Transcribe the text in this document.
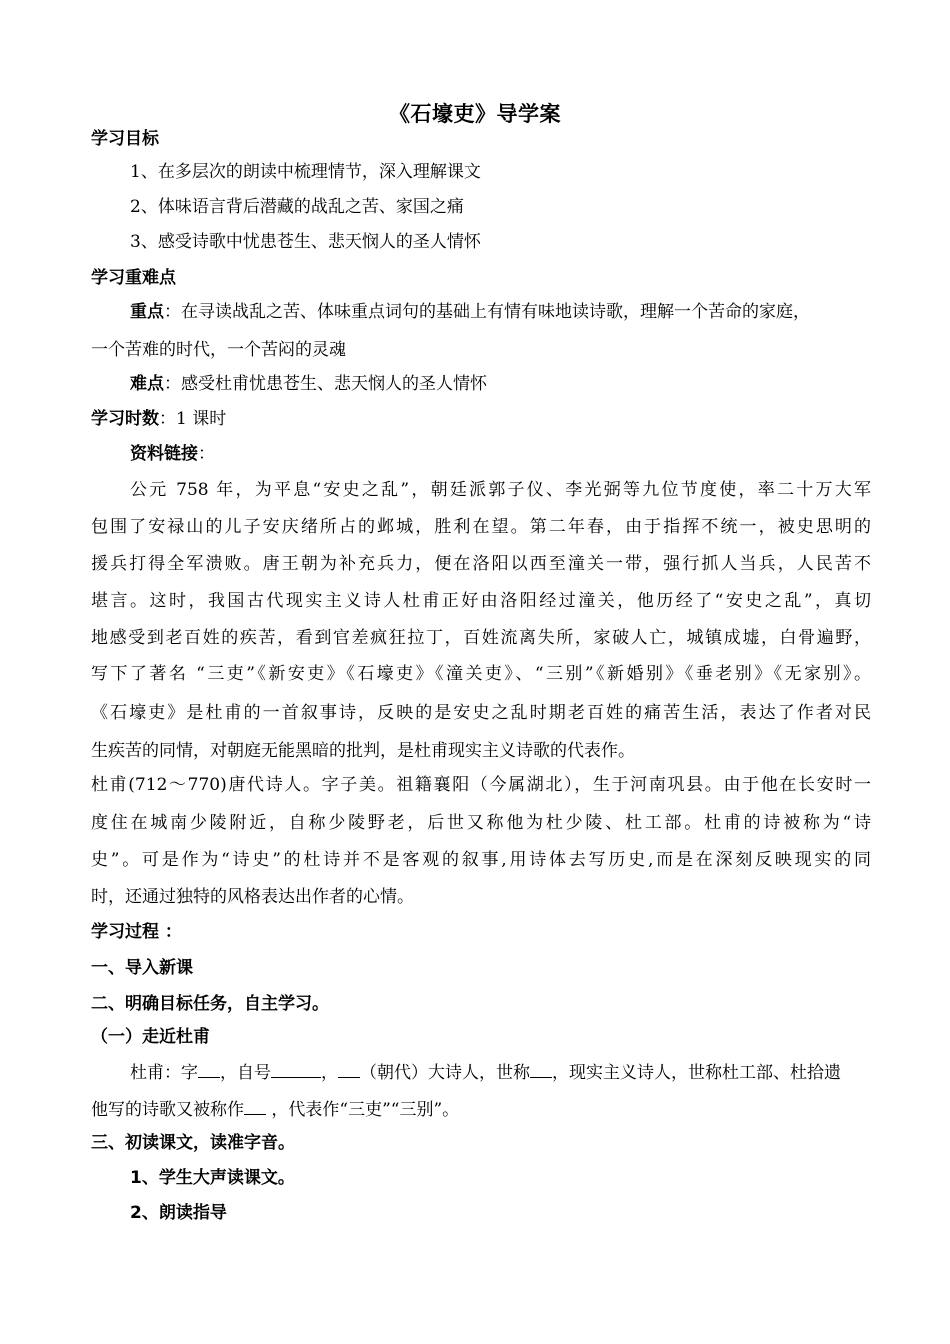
《石壕吏》导学案
学习目标
1、在多层次的朗读中梳理情节，深入理解课文
2、体味语言背后潜藏的战乱之苦、家国之痛
3、感受诗歌中忧患苍生、悲天悯人的圣人情怀
学习重难点
重点：在寻读战乱之苦、体味重点词句的基础上有情有味地读诗歌，理解一个苦命的家庭，
一个苦难的时代，一个苦闷的灵魂
难点：感受杜甫忧患苍生、悲天悯人的圣人情怀
学习时数：1 课时
资料链接：
公元 758 年，为平息“安史之乱”，朝廷派郭子仪、李光弼等九位节度使，率二十万大军
包围了安禄山的儿子安庆绪所占的邺城，胜利在望。第二年春，由于指挥不统一，被史思明的
援兵打得全军溃败。唐王朝为补充兵力，便在洛阳以西至潼关一带，强行抓人当兵，人民苦不
堪言。这时，我国古代现实主义诗人杜甫正好由洛阳经过潼关，他历经了“安史之乱”，真切
地感受到老百姓的疾苦，看到官差疯狂拉丁，百姓流离失所，家破人亡，城镇成墟，白骨遍野，
写下了著名 “三吏”《新安吏》《石壕吏》《潼关吏》、“三别”《新婚别》《垂老别》《无家别》。
《石壕吏》是杜甫的一首叙事诗，反映的是安史之乱时期老百姓的痛苦生活，表达了作者对民
生疾苦的同情，对朝庭无能黑暗的批判，是杜甫现实主义诗歌的代表作。
杜甫(712～770)唐代诗人。字子美。祖籍襄阳（今属湖北），生于河南巩县。由于他在长安时一
度住在城南少陵附近，自称少陵野老，后世又称他为杜少陵、杜工部。杜甫的诗被称为“诗
史”。可是作为“诗史”的杜诗并不是客观的叙事,用诗体去写历史,而是在深刻反映现实的同
时，还通过独特的风格表达出作者的心情。
学习过程 ：
一、导入新课
二、明确目标任务，自主学习。
（一）走近杜甫
杜甫：字 ，自号	， （朝代）大诗人，世称 ，现实主义诗人，世称杜工部、杜拾遗
他写的诗歌又被称作 ，代表作“三吏”“三别”。
三、初读课文，读准字音。
1、学生大声读课文。
2、朗读指导
